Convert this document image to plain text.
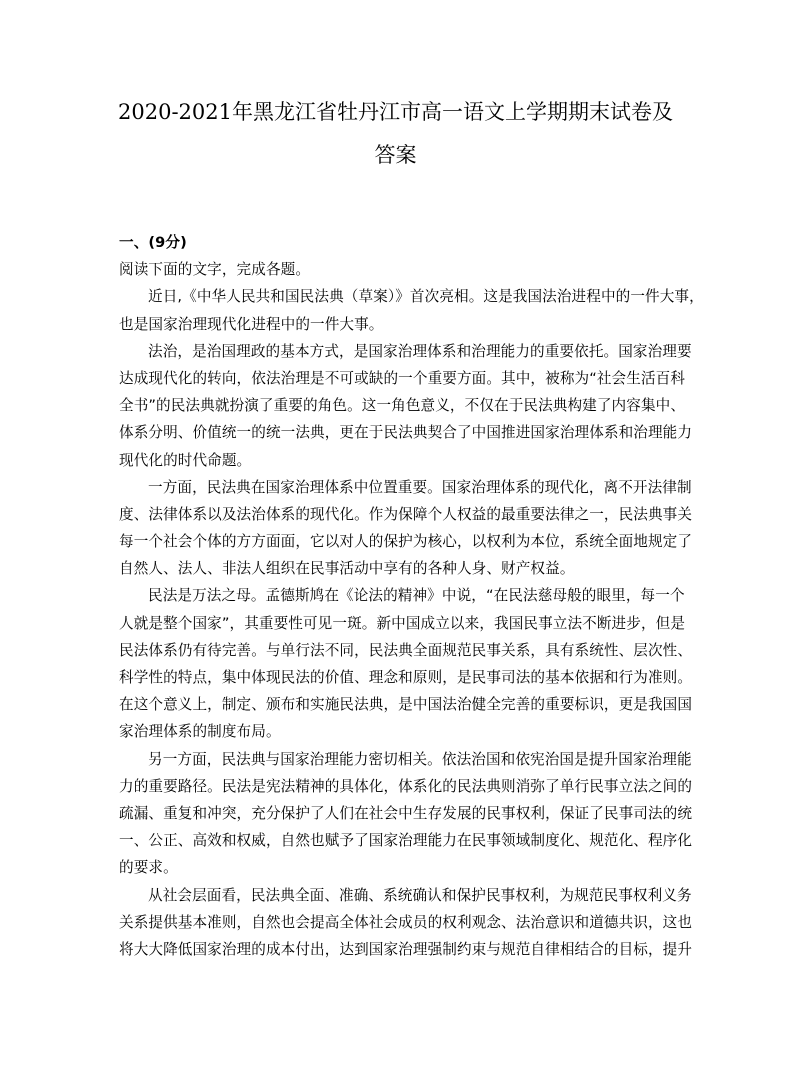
2020-2021年黑龙江省牡丹江市高一语文上学期期末试卷及
答案
一、(9分)
阅读下面的文字，完成各题。
近日,《中华人民共和国民法典（草案）》首次亮相。这是我国法治进程中的一件大事，
也是国家治理现代化进程中的一件大事。
法治，是治国理政的基本方式，是国家治理体系和治理能力的重要依托。国家治理要
达成现代化的转向，依法治理是不可或缺的一个重要方面。其中，被称为“社会生活百科
全书”的民法典就扮演了重要的角色。这一角色意义，不仅在于民法典构建了内容集中、
体系分明、价值统一的统一法典，更在于民法典契合了中国推进国家治理体系和治理能力
现代化的时代命题。
一方面，民法典在国家治理体系中位置重要。国家治理体系的现代化，离不开法律制
度、法律体系以及法治体系的现代化。作为保障个人权益的最重要法律之一，民法典事关
每一个社会个体的方方面面，它以对人的保护为核心，以权利为本位，系统全面地规定了
自然人、法人、非法人组织在民事活动中享有的各种人身、财产权益。
民法是万法之母。孟德斯鸠在《论法的精神》中说，“在民法慈母般的眼里，每一个
人就是整个国家”，其重要性可见一斑。新中国成立以来，我国民事立法不断进步，但是
民法体系仍有待完善。与单行法不同，民法典全面规范民事关系，具有系统性、层次性、
科学性的特点，集中体现民法的价值、理念和原则，是民事司法的基本依据和行为准则。
在这个意义上，制定、颁布和实施民法典，是中国法治健全完善的重要标识，更是我国国
家治理体系的制度布局。
另一方面，民法典与国家治理能力密切相关。依法治国和依宪治国是提升国家治理能
力的重要路径。民法是宪法精神的具体化，体系化的民法典则消弥了单行民事立法之间的
疏漏、重复和冲突，充分保护了人们在社会中生存发展的民事权利，保证了民事司法的统
一、公正、高效和权威，自然也赋予了国家治理能力在民事领域制度化、规范化、程序化
的要求。
从社会层面看，民法典全面、准确、系统确认和保护民事权利，为规范民事权利义务
关系提供基本准则，自然也会提高全体社会成员的权利观念、法治意识和道德共识，这也
将大大降低国家治理的成本付出，达到国家治理强制约束与规范自律相结合的目标，提升
